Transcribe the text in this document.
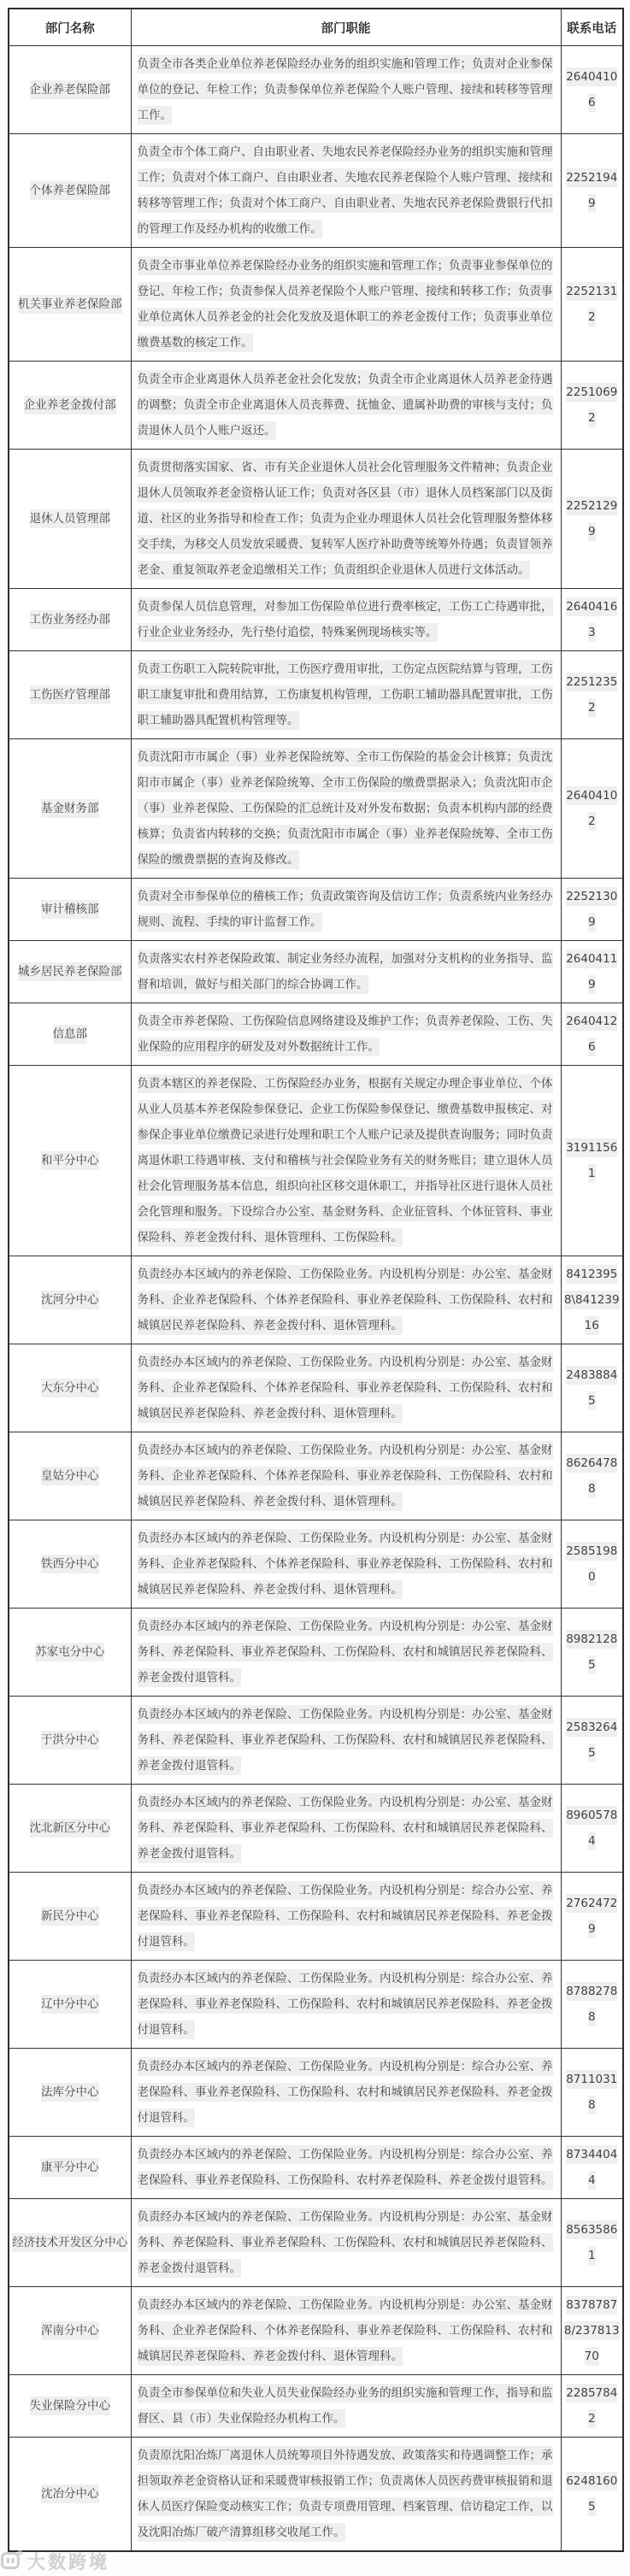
部门名称	部门职能	联系电话
企业养老保险部	负责全市各类企业单位养老保险经办业务的组织实施和管理工作；负责对企业参保单位的登记、年检工作；负责参保单位养老保险个人账户管理、接续和转移等管理工作。	26404106
个体养老保险部	负责全市个体工商户、自由职业者、失地农民养老保险经办业务的组织实施和管理工作；负责对个体工商户、自由职业者、失地农民养老保险个人账户管理、接续和转移等管理工作；负责对个体工商户、自由职业者、失地农民养老保险费银行代扣的管理工作及经办机构的收缴工作。	22521949
机关事业养老保险部	负责全市事业单位养老保险经办业务的组织实施和管理工作；负责事业参保单位的登记、年检工作；负责参保人员养老保险个人账户管理、接续和转移工作；负责事业单位离休人员养老金的社会化发放及退休职工的养老金拨付工作；负责事业单位缴费基数的核定工作。	22521312
企业养老金拨付部	负责全市企业离退休人员养老金社会化发放；负责全市企业离退休人员养老金待遇的调整；负责全市企业离退休人员丧葬费、抚恤金、遗属补助费的审核与支付；负责退休人员个人账户返还。	22510692
退休人员管理部	负责贯彻落实国家、省、市有关企业退休人员社会化管理服务文件精神；负责企业退休人员领取养老金资格认证工作；负责对各区县（市）退休人员档案部门以及街道、社区的业务指导和检查工作；负责为企业办理退休人员社会化管理服务整体移交手续，为移交人员发放采暖费、复转军人医疗补助费等统筹外待遇；负责冒领养老金、重复领取养老金追缴相关工作；负责组织企业退休人员进行文体活动。	22521299
工伤业务经办部	负责参保人员信息管理，对参加工伤保险单位进行费率核定，工伤工亡待遇审批，行业企业业务经办，先行垫付追偿，特殊案例现场核实等。	26404163
工伤医疗管理部	负责工伤职工入院转院审批，工伤医疗费用审批，工伤定点医院结算与管理，工伤职工康复审批和费用结算，工伤康复机构管理，工伤职工辅助器具配置审批，工伤职工辅助器具配置机构管理等。	22512352
基金财务部	负责沈阳市市属企（事）业养老保险统筹、全市工伤保险的基金会计核算；负责沈阳市市属企（事）业养老保险统筹、全市工伤保险的缴费票据录入；负责沈阳市企（事）业养老保险、工伤保险的汇总统计及对外发布数据；负责本机构内部的经费核算；负责省内转移的交换；负责沈阳市市属企（事）业养老保险统筹、全市工伤保险的缴费票据的查询及修改。	26404102
审计稽核部	负责对全市参保单位的稽核工作；负责政策咨询及信访工作；负责系统内业务经办规则、流程、手续的审计监督工作。	22521309
城乡居民养老保险部	负责落实农村养老保险政策、制定业务经办流程，加强对分支机构的业务指导、监督和培训，做好与相关部门的综合协调工作。	26404119
信息部	负责全市养老保险、工伤保险信息网络建设及维护工作；负责养老保险、工伤、失业保险的应用程序的研发及对外数据统计工作。	26404126
和平分中心	负责本辖区的养老保险、工伤保险经办业务，根据有关规定办理企事业单位、个体从业人员基本养老保险参保登记、企业工伤保险参保登记、缴费基数申报核定、对参保企事业单位缴费记录进行处理和职工个人账户记录及提供查询服务；同时负责离退休职工待遇审核、支付和稽核与社会保险业务有关的财务账目；建立退休人员社会化管理服务基本信息，组织向社区移交退休职工，并指导社区进行退休人员社会化管理和服务。下设综合办公室、基金财务科、企业征管科、个体征管科、事业保险科、养老金拨付科、退休管理科、工伤保险科。	31911561
沈河分中心	负责经办本区域内的养老保险、工伤保险业务。内设机构分别是：办公室、基金财务科、企业养老保险科、个体养老保险科、事业养老保险科、工伤保险科、农村和城镇居民养老保险科、养老金拨付科、退休管理科。	84123958\84123916
大东分中心	负责经办本区域内的养老保险、工伤保险业务。内设机构分别是：办公室、基金财务科、企业养老保险科、个体养老保险科、事业养老保险科、工伤保险科、农村和城镇居民养老保险科、养老金拨付科、退休管理科。	24838845
皇姑分中心	负责经办本区域内的养老保险、工伤保险业务。内设机构分别是：办公室、基金财务科、企业养老保险科、个体养老保险科、事业养老保险科、工伤保险科、农村和城镇居民养老保险科、养老金拨付科、退休管理科。	86264788
铁西分中心	负责经办本区域内的养老保险、工伤保险业务。内设机构分别是：办公室、基金财务科、企业养老保险科、个体养老保险科、事业养老保险科、工伤保险科、农村和城镇居民养老保险科、养老金拨付科、退休管理科。	25851980
苏家屯分中心	负责经办本区域内的养老保险、工伤保险业务。内设机构分别是：办公室、基金财务科、养老保险科、事业养老保险科、工伤保险科、农村和城镇居民养老保险科、养老金拨付退管科。	89821285
于洪分中心	负责经办本区域内的养老保险、工伤保险业务。内设机构分别是：办公室、基金财务科、养老保险科、事业养老保险科、工伤保险科、农村和城镇居民养老保险科、养老金拨付退管科。	25832645
沈北新区分中心	负责经办本区域内的养老保险、工伤保险业务。内设机构分别是：办公室、基金财务科、养老保险科、事业养老保险科、工伤保险科、农村和城镇居民养老保险科、养老金拨付退管科。	89605784
新民分中心	负责经办本区域内的养老保险、工伤保险业务。内设机构分别是：综合办公室、养老保险科、事业养老保险科、工伤保险科、农村和城镇居民养老保险科、养老金拨付退管科。	27624729
辽中分中心	负责经办本区域内的养老保险、工伤保险业务。内设机构分别是：综合办公室、养老保险科、事业养老保险科、工伤保险科、农村和城镇居民养老保险科、养老金拨付退管科。	87882788
法库分中心	负责经办本区域内的养老保险、工伤保险业务。内设机构分别是：综合办公室、养老保险科、事业养老保险科、工伤保险科、农村和城镇居民养老保险科、养老金拨付退管科。	87110318
康平分中心	负责经办本区域内的养老保险、工伤保险业务。内设机构分别是：综合办公室、养老保险科、事业养老保险科、工伤保险科、农村养老保险科、养老金拨付退管科。	87344044
经济技术开发区分中心	负责经办本区域内的养老保险、工伤保险业务。内设机构分别是：办公室、基金财务科、养老保险科、事业养老保险科、工伤保险科、农村和城镇居民养老保险科、养老金拨付退管科。	85635861
浑南分中心	负责经办本区域内的养老保险、工伤保险业务。内设机构分别是：办公室、基金财务科、企业养老保险科、个体养老保险科、事业养老保险科、工伤保险科、农村和城镇居民养老保险科、养老金拨付科、退休管理科。	83787878/23781370
失业保险分中心	负责全市参保单位和失业人员失业保险经办业务的组织实施和管理工作，指导和监督区、县（市）失业保险经办机构工作。	22857842
沈冶分中心	负责原沈阳冶炼厂离退休人员统筹项目外待遇发放、政策落实和待遇调整工作；承担领取养老金资格认证和采暖费审核报销工作；负责离休人员医药费审核报销和退休人员医疗保险变动核实工作；负责专项费用管理、档案管理、信访稳定工作，以及沈阳冶炼厂破产清算组移交收尾工作。	62481605
大数跨境
